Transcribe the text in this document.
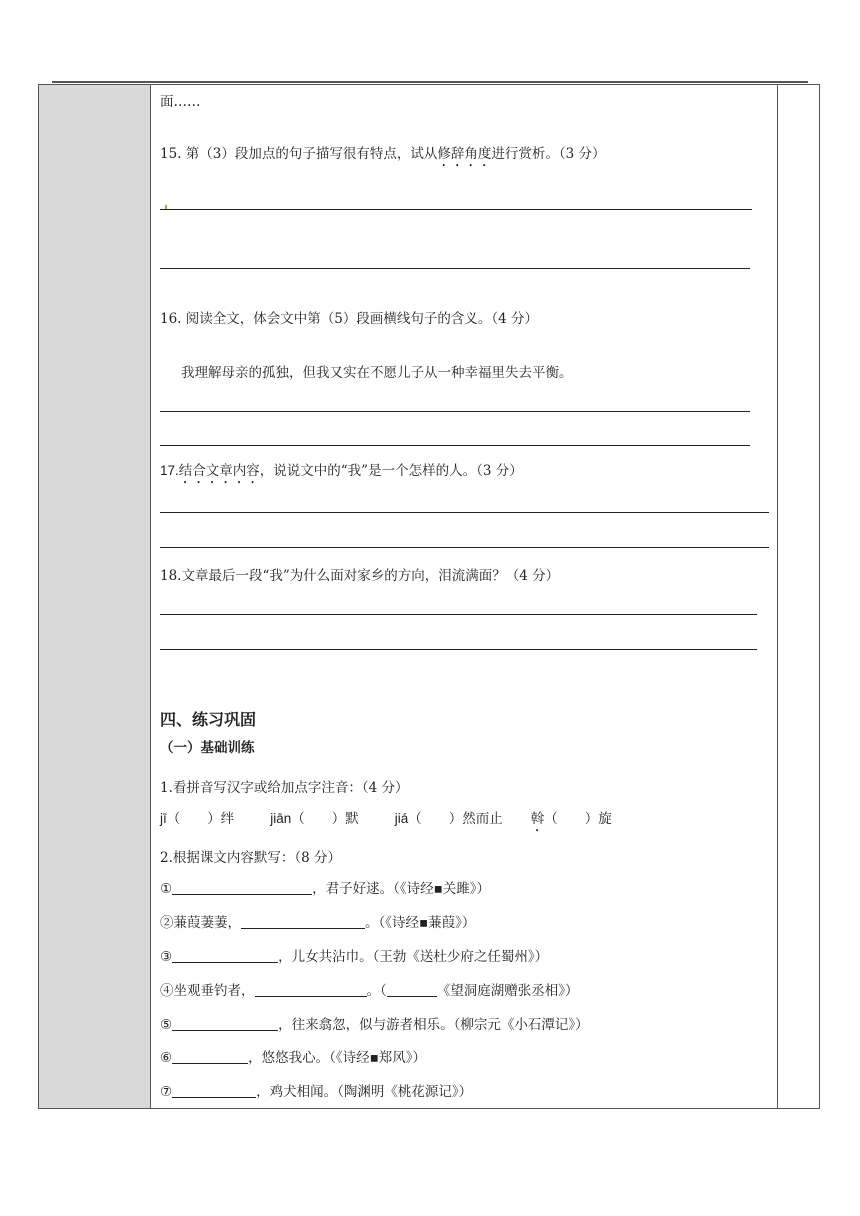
面……
15. 第（3）段加点的句子描写很有特点，试从修辞角度进行赏析。（3 分）
16. 阅读全文，体会文中第（5）段画横线句子的含义。（4 分）
我理解母亲的孤独，但我又实在不愿儿子从一种幸福里失去平衡。
17.结合文章内容，说说文中的“我”是一个怎样的人。（3 分）
18.文章最后一段“我”为什么面对家乡的方向，泪流满面？（4 分）
四、练习巩固
（一）基础训练
1.看拼音写汉字或给加点字注音：（4 分）
jī（　　）绊	jiān（　　）默	jiá（　　）然而止 斡（　　）旋
2.根据课文内容默写：（8 分）
①	，君子好逑。（《诗经▪关雎》）
②蒹葭萋萋，	。（《诗经▪蒹葭》）
③	，儿女共沾巾。（王勃《送杜少府之任蜀州》）
④坐观垂钓者，	。（	《望洞庭湖赠张丞相》）
⑤	，往来翕忽，似与游者相乐。（柳宗元《小石潭记》）
⑥	，悠悠我心。（《诗经▪郑风》）
⑦	，鸡犬相闻。（陶渊明《桃花源记》）
